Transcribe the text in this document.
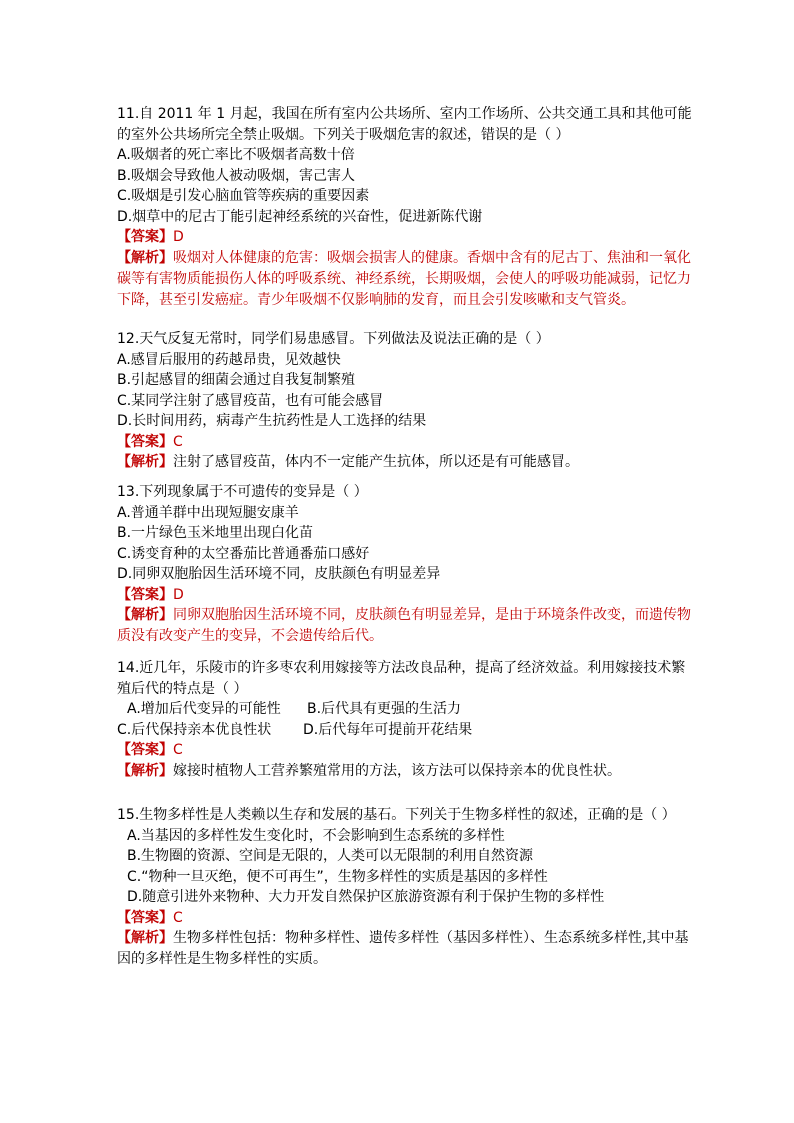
11.自 2011 年 1 月起，我国在所有室内公共场所、室内工作场所、公共交通工具和其他可能的室外公共场所完全禁止吸烟。下列关于吸烟危害的叙述，错误的是（ ）
A.吸烟者的死亡率比不吸烟者高数十倍
B.吸烟会导致他人被动吸烟，害己害人
C.吸烟是引发心脑血管等疾病的重要因素
D.烟草中的尼古丁能引起神经系统的兴奋性，促进新陈代谢
【答案】D
【解析】吸烟对人体健康的危害：吸烟会损害人的健康。香烟中含有的尼古丁、焦油和一氧化碳等有害物质能损伤人体的呼吸系统、神经系统，长期吸烟，会使人的呼吸功能减弱，记忆力下降，甚至引发癌症。青少年吸烟不仅影响肺的发育，而且会引发咳嗽和支气管炎。
12.天气反复无常时，同学们易患感冒。下列做法及说法正确的是（ ）
A.感冒后服用的药越昂贵，见效越快
B.引起感冒的细菌会通过自我复制繁殖
C.某同学注射了感冒疫苗，也有可能会感冒
D.长时间用药，病毒产生抗药性是人工选择的结果
【答案】C
【解析】注射了感冒疫苗，体内不一定能产生抗体，所以还是有可能感冒。
13.下列现象属于不可遗传的变异是（ ）
A.普通羊群中出现短腿安康羊
B.一片绿色玉米地里出现白化苗
C.诱变育种的太空番茄比普通番茄口感好
D.同卵双胞胎因生活环境不同，皮肤颜色有明显差异
【答案】D
【解析】同卵双胞胎因生活环境不同，皮肤颜色有明显差异，是由于环境条件改变，而遗传物质没有改变产生的变异，不会遗传给后代。
14.近几年，乐陵市的许多枣农利用嫁接等方法改良品种，提高了经济效益。利用嫁接技术繁殖后代的特点是（ ）
A.增加后代变异的可能性 B.后代具有更强的生活力
C.后代保持亲本优良性状 D.后代每年可提前开花结果
【答案】C
【解析】嫁接时植物人工营养繁殖常用的方法，该方法可以保持亲本的优良性状。
15.生物多样性是人类赖以生存和发展的基石。下列关于生物多样性的叙述，正确的是（ ）
A.当基因的多样性发生变化时，不会影响到生态系统的多样性
B.生物圈的资源、空间是无限的，人类可以无限制的利用自然资源
C.“物种一旦灭绝，便不可再生”，生物多样性的实质是基因的多样性
D.随意引进外来物种、大力开发自然保护区旅游资源有利于保护生物的多样性
【答案】C
【解析】生物多样性包括：物种多样性、遗传多样性（基因多样性）、生态系统多样性,其中基因的多样性是生物多样性的实质。
